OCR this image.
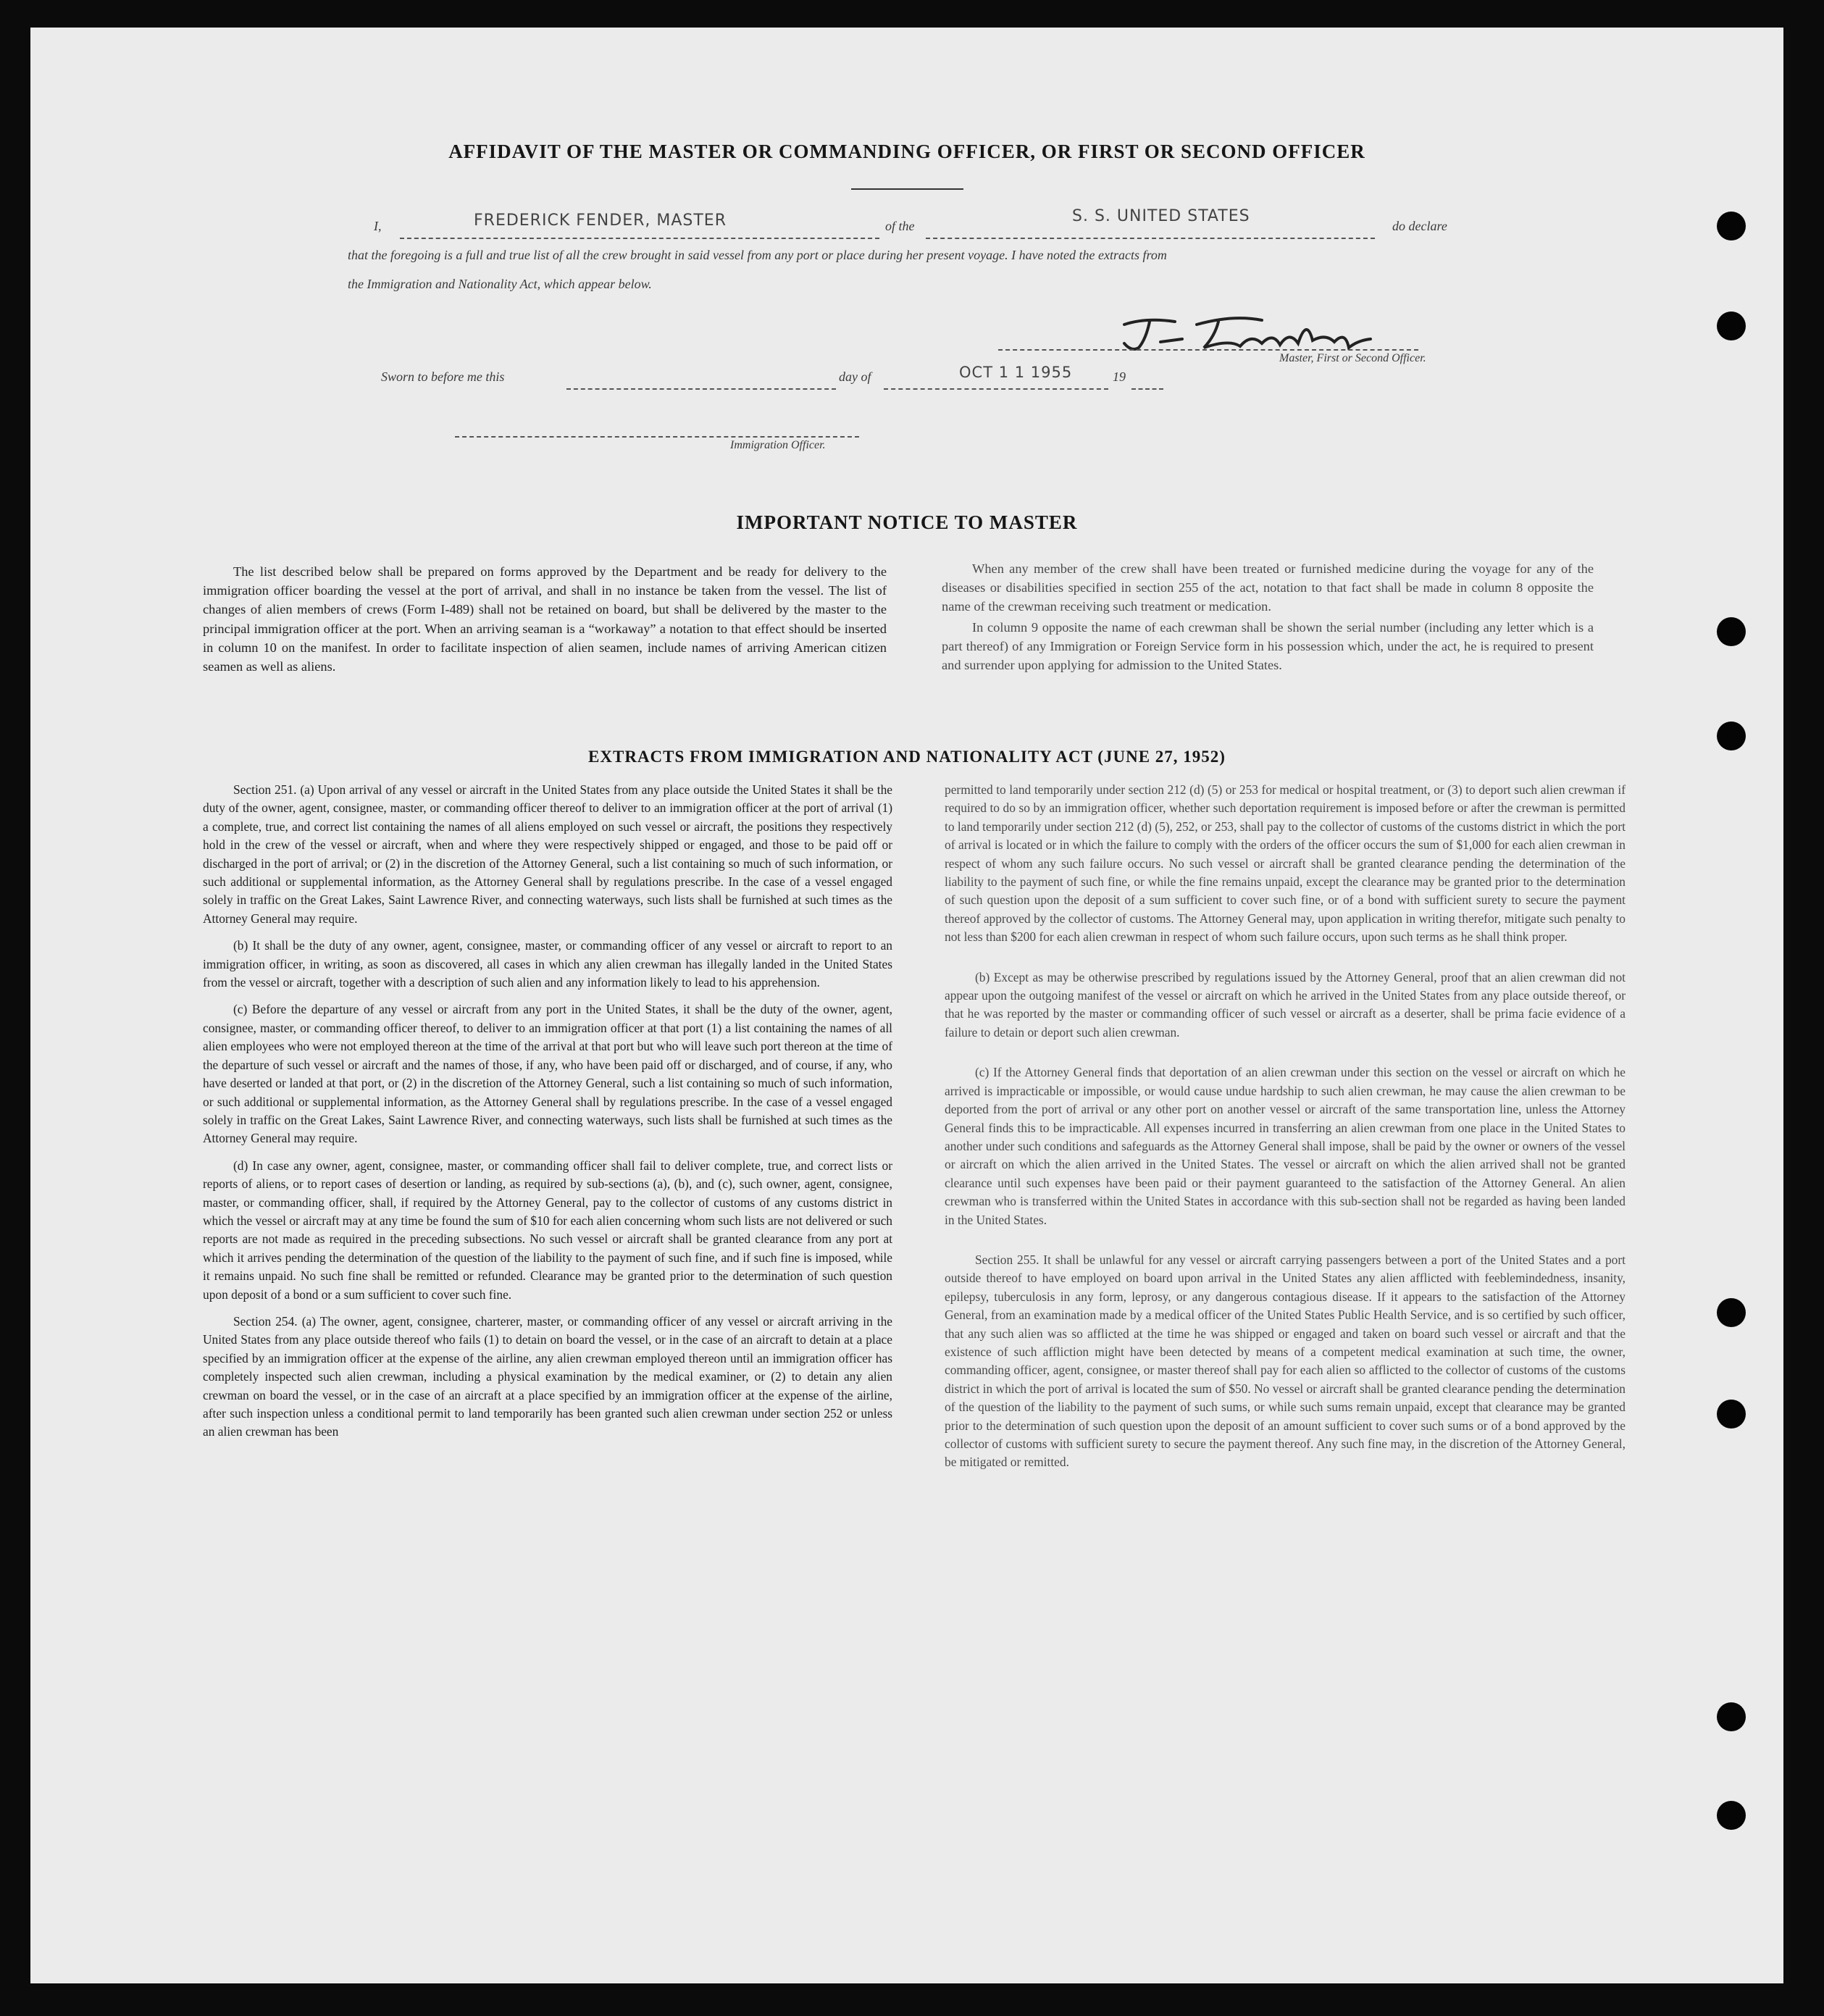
AFFIDAVIT OF THE MASTER OR COMMANDING OFFICER, OR FIRST OR SECOND OFFICER
I,	FREDERICK FENDER, MASTER	of the
S. S. UNITED STATES
do declare
that the foregoing is a full and true list of all the crew brought in said vessel from any port or place during her present voyage. I have noted the extracts from
the Immigration and Nationality Act, which appear below.
Master, First or Second Officer.
Sworn to before me this	day of	OCT 1 1 1955	19
Immigration Officer.
IMPORTANT NOTICE TO MASTER

The list described below shall be prepared on forms approved by the Department and be ready for delivery to the immigration officer boarding the vessel at the port of arrival, and shall in no instance be taken from the vessel. The list of changes of alien members of crews (Form I-489) shall not be retained on board, but shall be delivered by the master to the principal immigration officer at the port. When an arriving seaman is a “workaway” a notation to that effect should be inserted in column 10 on the manifest. In order to facilitate inspection of alien seamen, include names of arriving American citizen seamen as well as aliens.

When any member of the crew shall have been treated or furnished medicine during the voyage for any of the diseases or disabilities specified in section 255 of the act, notation to that fact shall be made in column 8 opposite the name of the crewman receiving such treatment or medication.

In column 9 opposite the name of each crewman shall be shown the serial number (including any letter which is a part thereof) of any Immigration or Foreign Service form in his possession which, under the act, he is required to present and surrender upon applying for admission to the United States.

EXTRACTS FROM IMMIGRATION AND NATIONALITY ACT (JUNE 27, 1952)

Section 251. (a) Upon arrival of any vessel or aircraft in the United States from any place outside the United States it shall be the duty of the owner, agent, consignee, master, or commanding officer thereof to deliver to an immigration officer at the port of arrival (1) a complete, true, and correct list containing the names of all aliens employed on such vessel or aircraft, the positions they respectively hold in the crew of the vessel or aircraft, when and where they were respectively shipped or engaged, and those to be paid off or discharged in the port of arrival; or (2) in the discretion of the Attorney General, such a list containing so much of such information, or such additional or supplemental information, as the Attorney General shall by regulations prescribe. In the case of a vessel engaged solely in traffic on the Great Lakes, Saint Lawrence River, and connecting waterways, such lists shall be furnished at such times as the Attorney General may require.

(b) It shall be the duty of any owner, agent, consignee, master, or commanding officer of any vessel or aircraft to report to an immigration officer, in writing, as soon as discovered, all cases in which any alien crewman has illegally landed in the United States from the vessel or aircraft, together with a description of such alien and any information likely to lead to his apprehension.

(c) Before the departure of any vessel or aircraft from any port in the United States, it shall be the duty of the owner, agent, consignee, master, or commanding officer thereof, to deliver to an immigration officer at that port (1) a list containing the names of all alien employees who were not employed thereon at the time of the arrival at that port but who will leave such port thereon at the time of the departure of such vessel or aircraft and the names of those, if any, who have been paid off or discharged, and of course, if any, who have deserted or landed at that port, or (2) in the discretion of the Attorney General, such a list containing so much of such information, or such additional or supplemental information, as the Attorney General shall by regulations prescribe. In the case of a vessel engaged solely in traffic on the Great Lakes, Saint Lawrence River, and connecting waterways, such lists shall be furnished at such times as the Attorney General may require.

(d) In case any owner, agent, consignee, master, or commanding officer shall fail to deliver complete, true, and correct lists or reports of aliens, or to report cases of desertion or landing, as required by sub-sections (a), (b), and (c), such owner, agent, consignee, master, or commanding officer, shall, if required by the Attorney General, pay to the collector of customs of any customs district in which the vessel or aircraft may at any time be found the sum of $10 for each alien concerning whom such lists are not delivered or such reports are not made as required in the preceding subsections. No such vessel or aircraft shall be granted clearance from any port at which it arrives pending the determination of the question of the liability to the payment of such fine, and if such fine is imposed, while it remains unpaid. No such fine shall be remitted or refunded. Clearance may be granted prior to the determination of such question upon deposit of a bond or a sum sufficient to cover such fine.

Section 254. (a) The owner, agent, consignee, charterer, master, or commanding officer of any vessel or aircraft arriving in the United States from any place outside thereof who fails (1) to detain on board the vessel, or in the case of an aircraft to detain at a place specified by an immigration officer at the expense of the airline, any alien crewman employed thereon until an immigration officer has completely inspected such alien crewman, including a physical examination by the medical examiner, or (2) to detain any alien crewman on board the vessel, or in the case of an aircraft at a place specified by an immigration officer at the expense of the airline, after such inspection unless a conditional permit to land temporarily has been granted such alien crewman under section 252 or unless an alien crewman has been

permitted to land temporarily under section 212 (d) (5) or 253 for medical or hospital treatment, or (3) to deport such alien crewman if required to do so by an immigration officer, whether such deportation requirement is imposed before or after the crewman is permitted to land temporarily under section 212 (d) (5), 252, or 253, shall pay to the collector of customs of the customs district in which the port of arrival is located or in which the failure to comply with the orders of the officer occurs the sum of $1,000 for each alien crewman in respect of whom any such failure occurs. No such vessel or aircraft shall be granted clearance pending the determination of the liability to the payment of such fine, or while the fine remains unpaid, except the clearance may be granted prior to the determination of such question upon the deposit of a sum sufficient to cover such fine, or of a bond with sufficient surety to secure the payment thereof approved by the collector of customs. The Attorney General may, upon application in writing therefor, mitigate such penalty to not less than $200 for each alien crewman in respect of whom such failure occurs, upon such terms as he shall think proper.

(b) Except as may be otherwise prescribed by regulations issued by the Attorney General, proof that an alien crewman did not appear upon the outgoing manifest of the vessel or aircraft on which he arrived in the United States from any place outside thereof, or that he was reported by the master or commanding officer of such vessel or aircraft as a deserter, shall be prima facie evidence of a failure to detain or deport such alien crewman.

(c) If the Attorney General finds that deportation of an alien crewman under this section on the vessel or aircraft on which he arrived is impracticable or impossible, or would cause undue hardship to such alien crewman, he may cause the alien crewman to be deported from the port of arrival or any other port on another vessel or aircraft of the same transportation line, unless the Attorney General finds this to be impracticable. All expenses incurred in transferring an alien crewman from one place in the United States to another under such conditions and safeguards as the Attorney General shall impose, shall be paid by the owner or owners of the vessel or aircraft on which the alien arrived in the United States. The vessel or aircraft on which the alien arrived shall not be granted clearance until such expenses have been paid or their payment guaranteed to the satisfaction of the Attorney General. An alien crewman who is transferred within the United States in accordance with this sub-section shall not be regarded as having been landed in the United States.

Section 255. It shall be unlawful for any vessel or aircraft carrying passengers between a port of the United States and a port outside thereof to have employed on board upon arrival in the United States any alien afflicted with feeblemindedness, insanity, epilepsy, tuberculosis in any form, leprosy, or any dangerous contagious disease. If it appears to the satisfaction of the Attorney General, from an examination made by a medical officer of the United States Public Health Service, and is so certified by such officer, that any such alien was so afflicted at the time he was shipped or engaged and taken on board such vessel or aircraft and that the existence of such affliction might have been detected by means of a competent medical examination at such time, the owner, commanding officer, agent, consignee, or master thereof shall pay for each alien so afflicted to the collector of customs of the customs district in which the port of arrival is located the sum of $50. No vessel or aircraft shall be granted clearance pending the determination of the question of the liability to the payment of such sums, or while such sums remain unpaid, except that clearance may be granted prior to the determination of such question upon the deposit of an amount sufficient to cover such sums or of a bond approved by the collector of customs with sufficient surety to secure the payment thereof. Any such fine may, in the discretion of the Attorney General, be mitigated or remitted.
